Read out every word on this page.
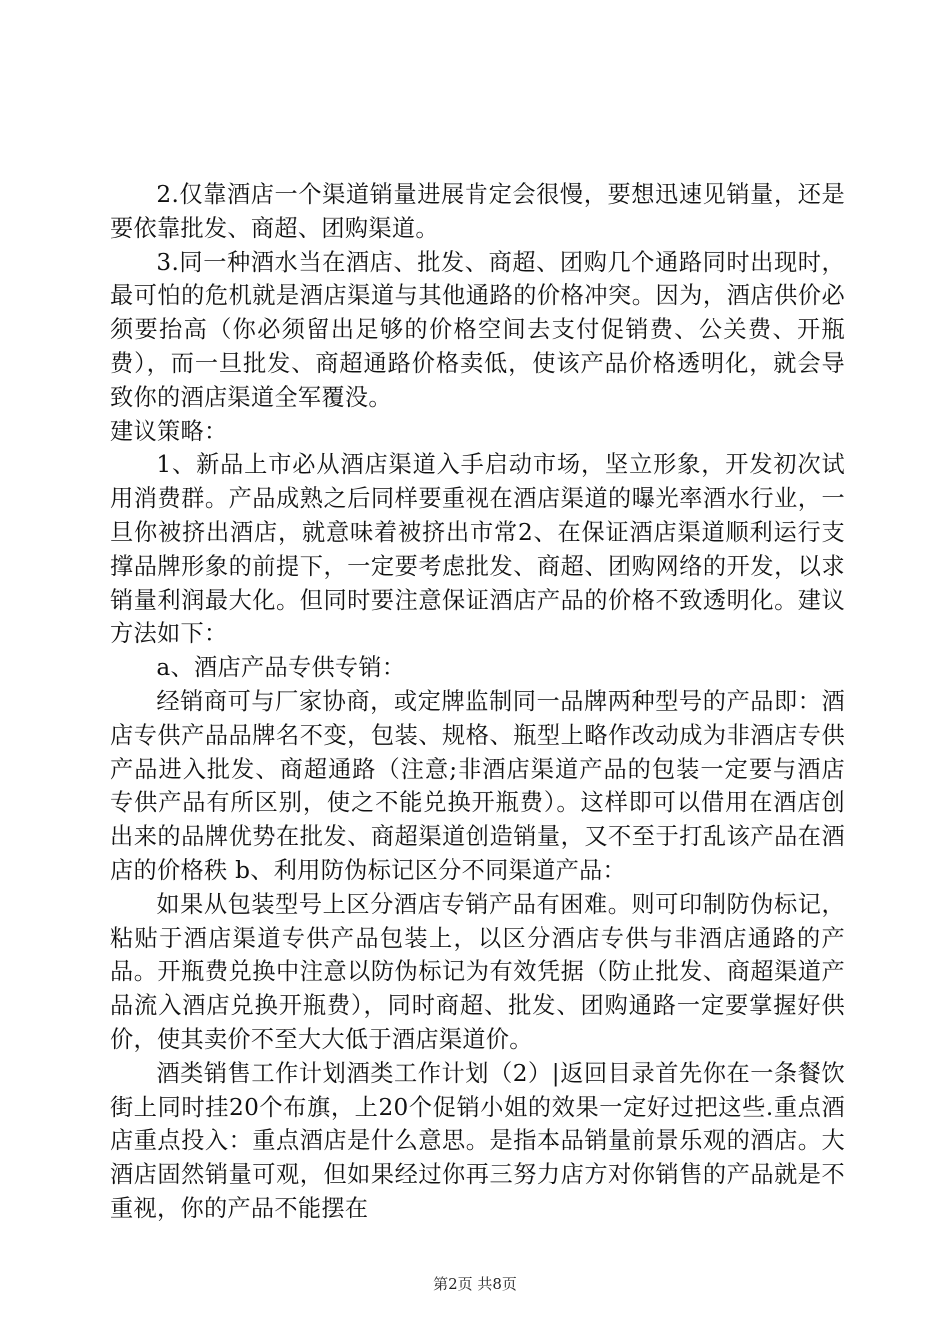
2.仅靠酒店一个渠道销量进展肯定会很慢，要想迅速见销量，还是要依靠批发、商超、团购渠道。

3.同一种酒水当在酒店、批发、商超、团购几个通路同时出现时，最可怕的危机就是酒店渠道与其他通路的价格冲突。因为，酒店供价必须要抬高（你必须留出足够的价格空间去支付促销费、公关费、开瓶费），而一旦批发、商超通路价格卖低，使该产品价格透明化，就会导致你的酒店渠道全军覆没。

建议策略：

1、新品上市必从酒店渠道入手启动市场，坚立形象，开发初次试用消费群。产品成熟之后同样要重视在酒店渠道的曝光率酒水行业，一旦你被挤出酒店，就意味着被挤出市常2、在保证酒店渠道顺利运行支撑品牌形象的前提下，一定要考虑批发、商超、团购网络的开发，以求销量利润最大化。但同时要注意保证酒店产品的价格不致透明化。建议方法如下：

a、酒店产品专供专销：

经销商可与厂家协商，或定牌监制同一品牌两种型号的产品即：酒店专供产品品牌名不变，包装、规格、瓶型上略作改动成为非酒店专供产品进入批发、商超通路（注意;非酒店渠道产品的包装一定要与酒店专供产品有所区别，使之不能兑换开瓶费）。这样即可以借用在酒店创出来的品牌优势在批发、商超渠道创造销量，又不至于打乱该产品在酒店的价格秩 b、利用防伪标记区分不同渠道产品：

如果从包装型号上区分酒店专销产品有困难。则可印制防伪标记，粘贴于酒店渠道专供产品包装上，以区分酒店专供与非酒店通路的产品。开瓶费兑换中注意以防伪标记为有效凭据（防止批发、商超渠道产品流入酒店兑换开瓶费），同时商超、批发、团购通路一定要掌握好供价，使其卖价不至大大低于酒店渠道价。

酒类销售工作计划酒类工作计划（2）|返回目录首先你在一条餐饮街上同时挂20个布旗，上20个促销小姐的效果一定好过把这些.重点酒店重点投入：重点酒店是什么意思。是指本品销量前景乐观的酒店。大酒店固然销量可观，但如果经过你再三努力店方对你销售的产品就是不重视，你的产品不能摆在

第2页 共8页
